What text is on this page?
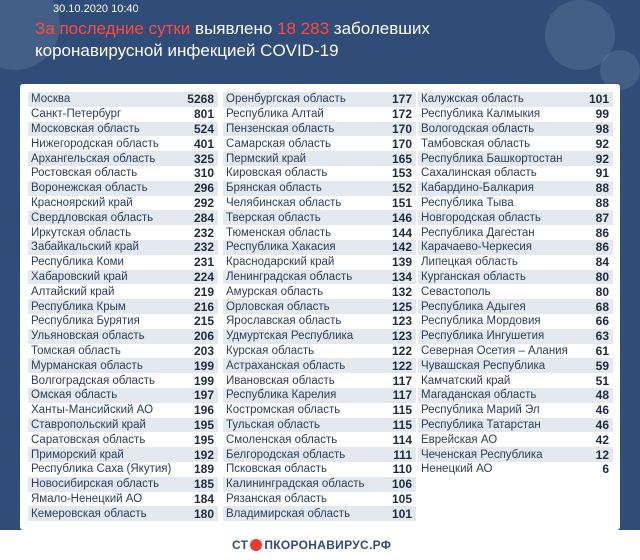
30.10.2020 10:40
За последние сутки выявлено 18 283 заболевших
коронавирусной инфекцией COVID-19
Москва	5268
Санкт-Петербург	801
Московская область	524
Нижегородская область	401
Архангельская область	325
Ростовская область	310
Воронежская область	296
Красноярский край	292
Свердловская область	284
Иркутская область	232
Забайкальский край	232
Республика Коми	231
Хабаровский край	224
Алтайский край	219
Республика Крым	216
Республика Бурятия	215
Ульяновская область	206
Томская область	203
Мурманская область	199
Волгоградская область	199
Омская область	197
Ханты-Мансийский АО	196
Ставропольский край	195
Саратовская область	195
Приморский край	192
Республика Саха (Якутия) 189
Новосибирская область	185
Ямало-Ненецкий АО	184
Кемеровская область	180
Оренбургская область	177
Республика Алтай	172
Пензенская область	170
Самарская область	170
Пермский край	165
Кировская область	153
Брянская область	152
Челябинская область	151
Тверская область	146
Тюменская область	144
Республика Хакасия	142
Краснодарский край	139
Ленинградская область	134
Амурская область	132
Орловская область	125
Ярославская область	123
Удмуртская Республика	123
Курская область	122
Астраханская область	122
Ивановская область	117
Республика Карелия	117
Костромская область	115
Тульская область	115
Смоленская область	114
Белгородская область	111
Псковская область	110
Калининградская область 106
Рязанская область	105
Владимирская область	101
Калужская область	101
Республика Калмыкия	99
Вологодская область	98
Тамбовская область	92
Республика Башкортостан	92
Сахалинская область	91
Кабардино-Балкария	88
Республика Тыва	88
Новгородская область	87
Республика Дагестан	86
Карачаево-Черкесия	86
Липецкая область	84
Курганская область	80
Севастополь	80
Республика Адыгея	68
Республика Мордовия	66
Республика Ингушетия	63
Северная Осетия – Алания 61
Чувашская Республика	59
Камчатский край	51
Магаданская область	48
Республика Марий Эл	46
Республика Татарстан	46
Еврейская АО	42
Чеченская Республика	12
Ненецкий АО	6
СТ ПКОРОНАВИРУС.РФ
